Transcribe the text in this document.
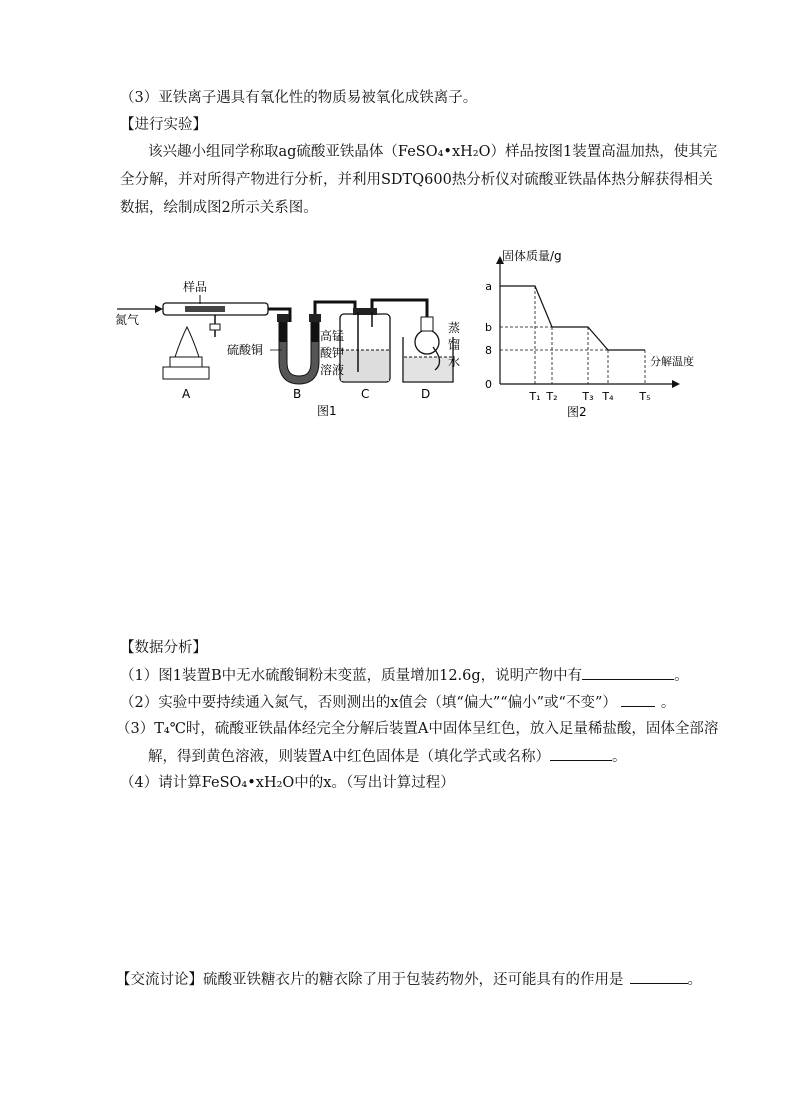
（3）亚铁离子遇具有氧化性的物质易被氧化成铁离子。
【进行实验】
该兴趣小组同学称取ag硫酸亚铁晶体（FeSO₄•xH₂O）样品按图1装置高温加热，使其完
全分解，并对所得产物进行分析，并利用SDTQ600热分析仪对硫酸亚铁晶体热分解获得相关
数据，绘制成图2所示关系图。
氮气
样品
A
硫酸铜
B
高锰
酸钾
溶液
C
蒸
馏
水
D
图1
固体质量/g
分解温度
a
b
8
0
T₁ T₂ T₃ T₄ T₅
图2
【数据分析】
（1）图1装置B中无水硫酸铜粉末变蓝，质量增加12.6g，说明产物中有	。
（2）实验中要持续通入氮气，否则测出的x值会（填“偏大”“偏小”或“不变”）	。
（3）T₄℃时，硫酸亚铁晶体经完全分解后装置A中固体呈红色，放入足量稀盐酸，固体全部溶
解，得到黄色溶液，则装置A中红色固体是（填化学式或名称）	。
（4）请计算FeSO₄•xH₂O中的x。（写出计算过程）
【交流讨论】硫酸亚铁糖衣片的糖衣除了用于包装药物外，还可能具有的作用是	。
